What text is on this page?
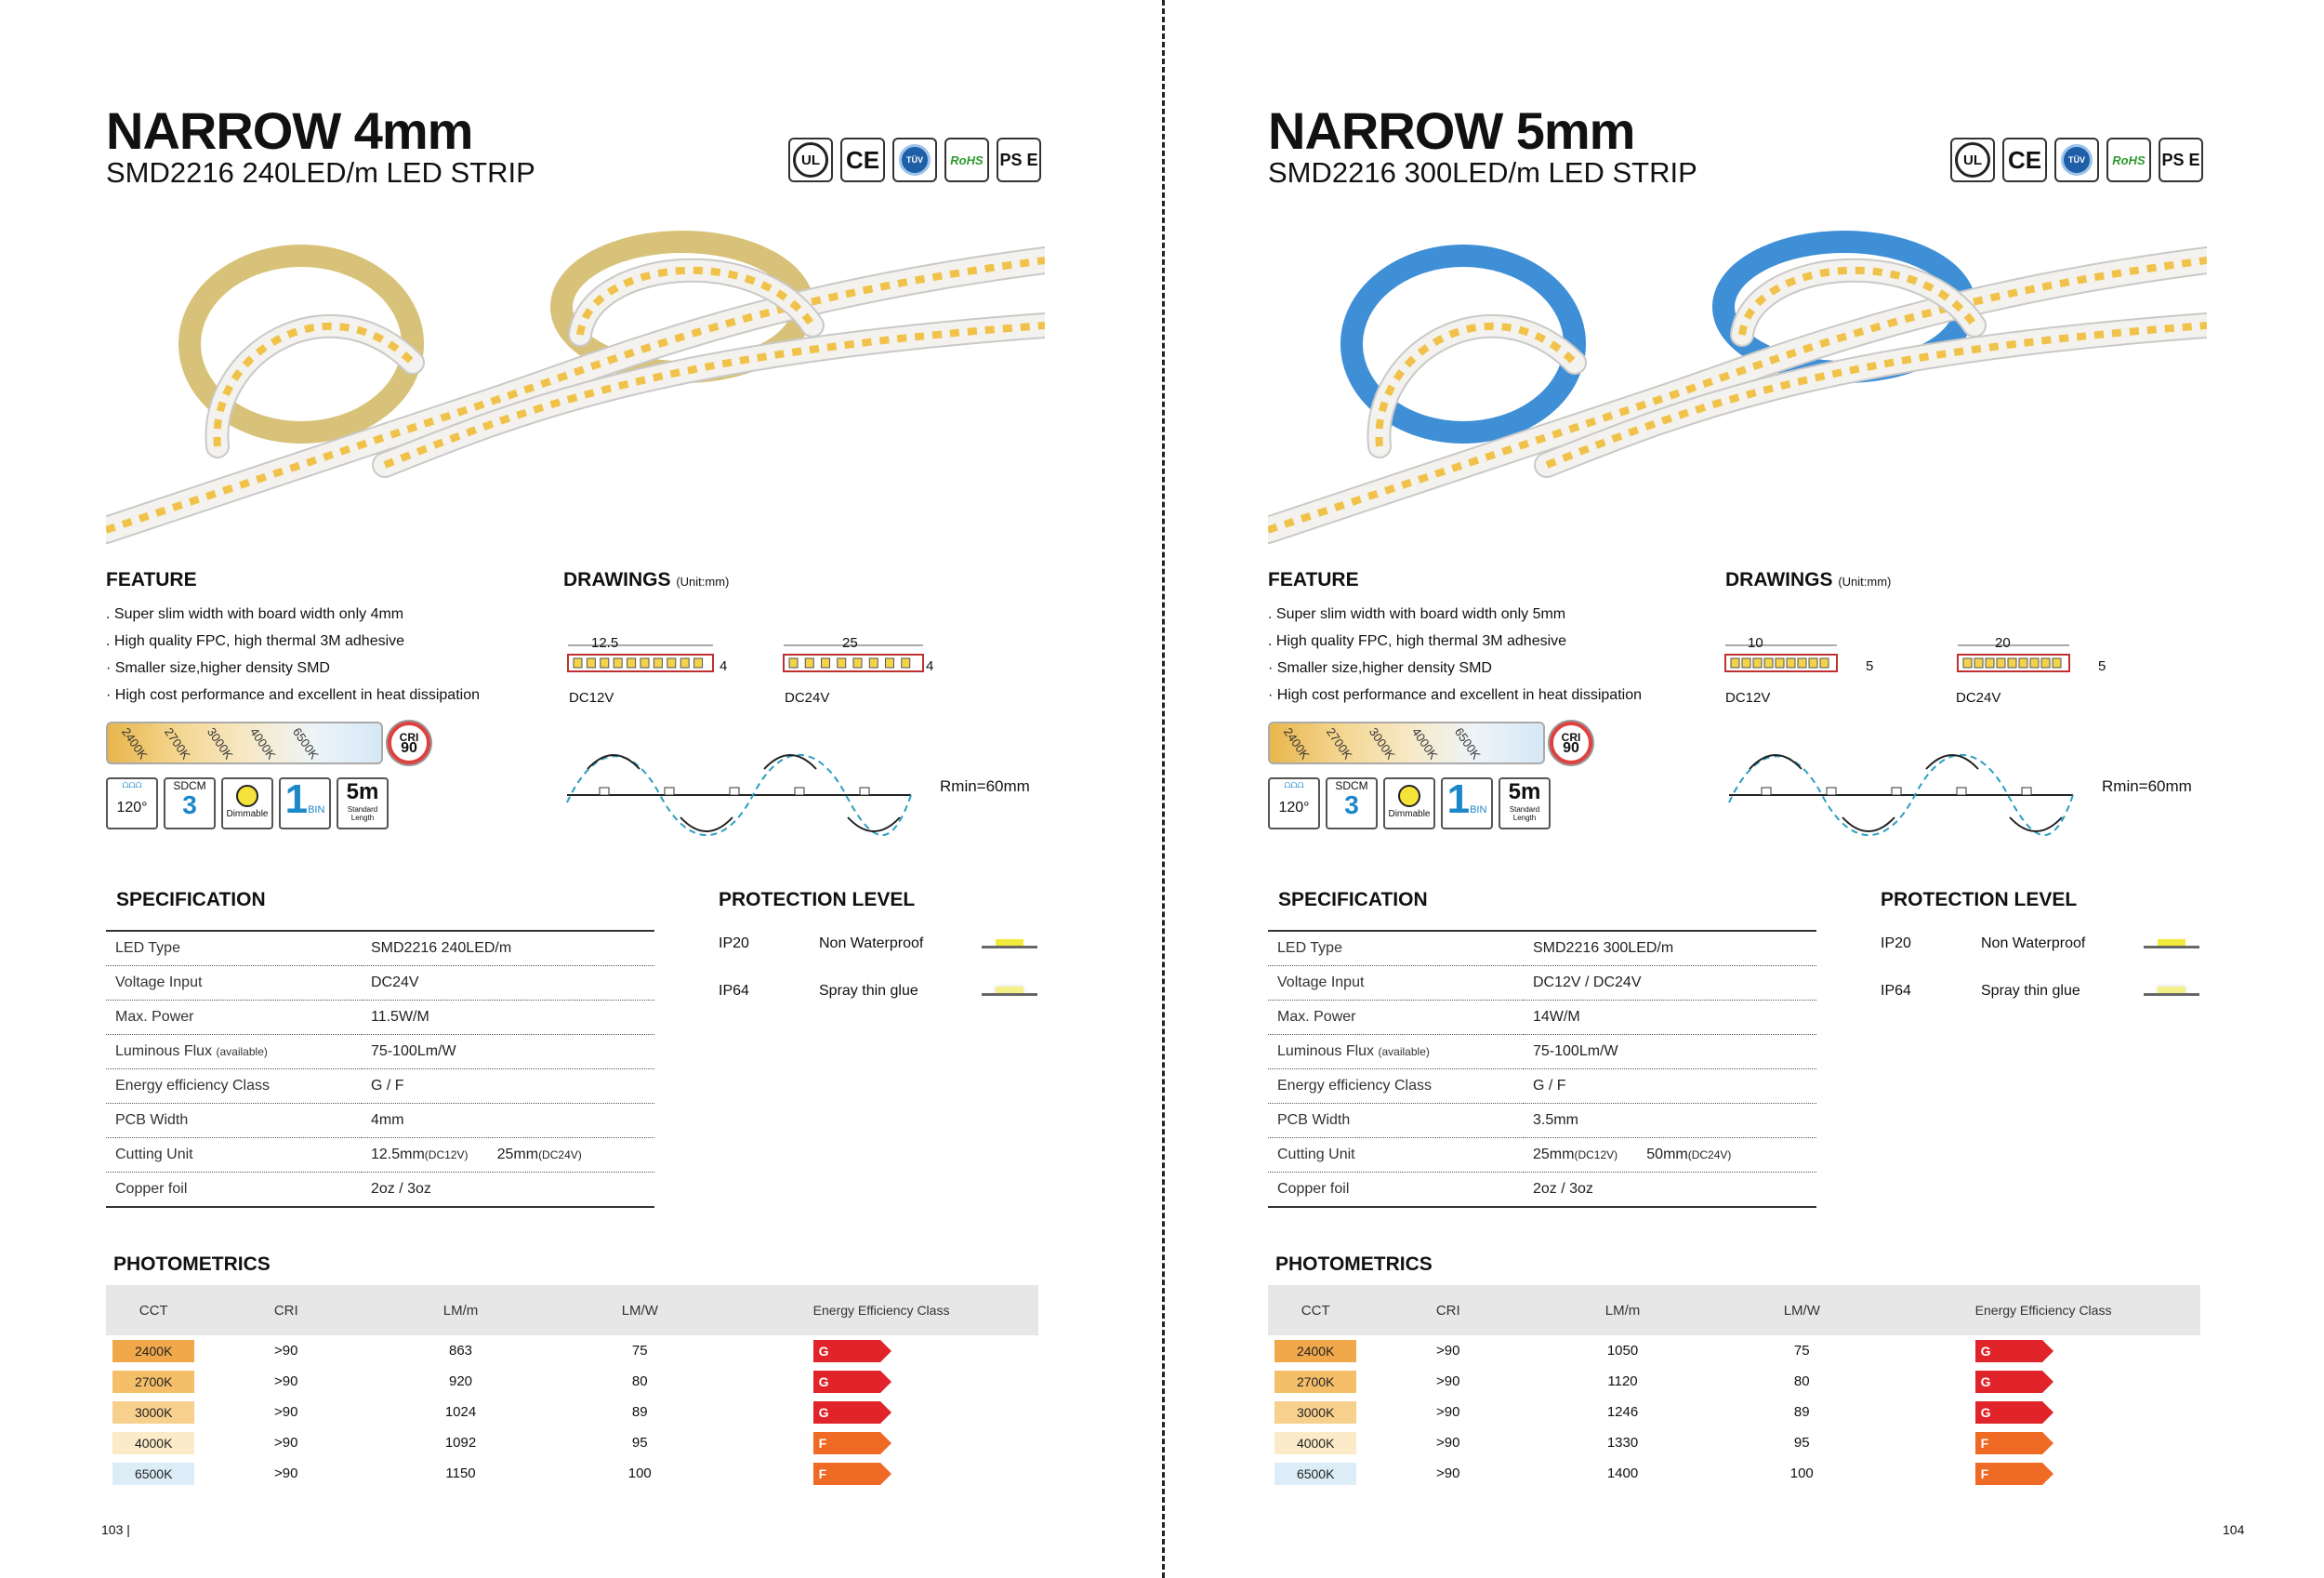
NARROW 4mm
SMD2216 240LED/m LED STRIP	UL	CE	TÜV	RoHS PS E
FEATURE
. Super slim width with board width only 4mm
. High quality FPC, high thermal 3M adhesive
· Smaller size,higher density SMD
· High cost performance and excellent in heat dissipation
2400K 2700K 3000K 4000K 6500K	CRI
90
⩍⩍⩍
120°
SDCM
3	Dimmable 1BIN
5m
Standard Length
DRAWINGS (Unit:mm)
Rmin=60mm
12.5
4
DC12V
25
4
DC24V
SPECIFICATION
LED Type	SMD2216 240LED/m
Voltage Input	DC24V
Max. Power	11.5W/M
Luminous Flux (available)	75-100Lm/W
Energy efficiency Class	G / F
PCB Width	4mm
Cutting Unit	12.5mm(DC12V) 25mm(DC24V)
Copper foil	2oz / 3oz
PROTECTION LEVEL
IP20	Non Waterproof
IP64	Spray thin glue
PHOTOMETRICS
CCT	CRI	LM/m	LM/W	Energy Efficiency Class
2400K	>90	863	75	G
2700K	>90	920	80	G
3000K	>90	1024	89	G
4000K	>90	1092	95	F
6500K	>90	1150	100	F
103 |
NARROW 5mm
SMD2216 300LED/m LED STRIP	UL	CE	TÜV	RoHS PS E
FEATURE
. Super slim width with board width only 5mm
. High quality FPC, high thermal 3M adhesive
· Smaller size,higher density SMD
· High cost performance and excellent in heat dissipation
2400K 2700K 3000K 4000K 6500K	CRI
90
⩍⩍⩍
120°
SDCM
3	Dimmable 1BIN
5m
Standard Length
DRAWINGS (Unit:mm)
Rmin=60mm
10
5
DC12V
20
5
DC24V
SPECIFICATION
LED Type	SMD2216 300LED/m
Voltage Input	DC12V / DC24V
Max. Power	14W/M
Luminous Flux (available)	75-100Lm/W
Energy efficiency Class	G / F
PCB Width	3.5mm
Cutting Unit	25mm(DC12V) 50mm(DC24V)
Copper foil	2oz / 3oz
PROTECTION LEVEL
IP20	Non Waterproof
IP64	Spray thin glue
PHOTOMETRICS
CCT	CRI	LM/m	LM/W	Energy Efficiency Class
2400K	>90	1050	75	G
2700K	>90	1120	80	G
3000K	>90	1246	89	G
4000K	>90	1330	95	F
6500K	>90	1400	100	F
104
